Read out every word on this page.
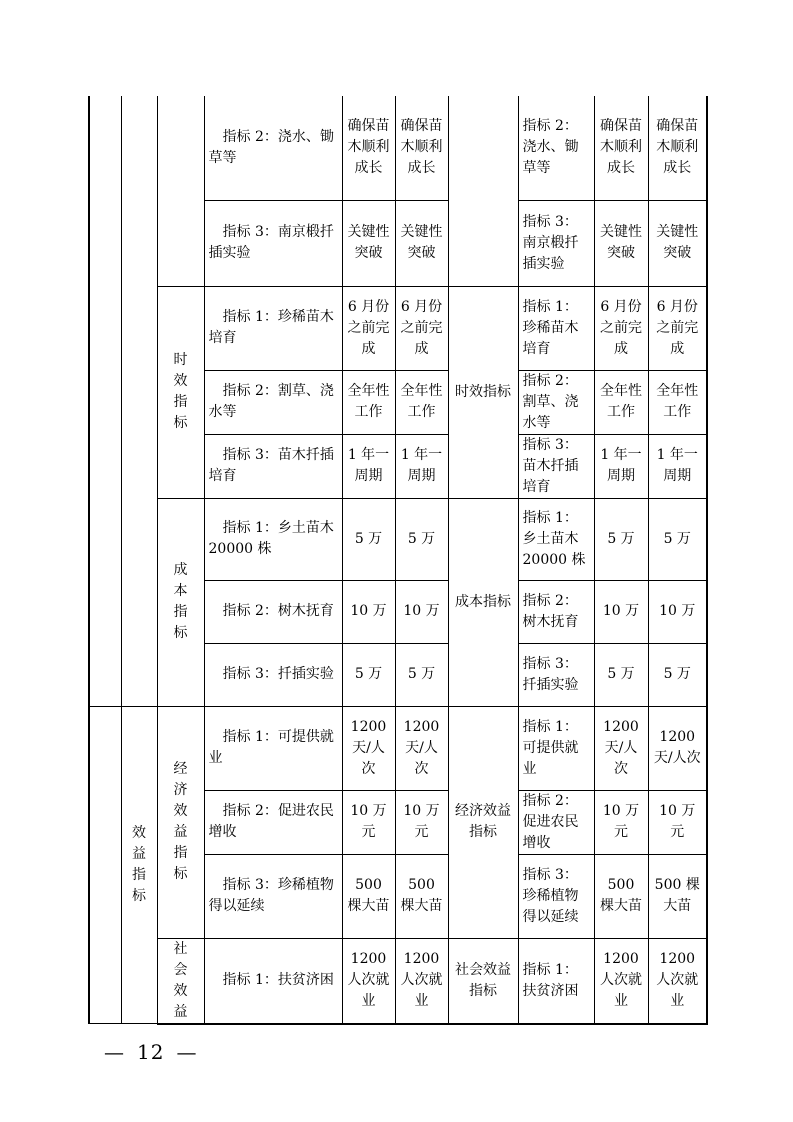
			指标 2：浇水、锄草等	确保苗木顺利成长	确保苗木顺利成长		指标 2：浇水、锄草等	确保苗木顺利成长	确保苗木顺利成长
			指标 3：南京椴扦插实验	关键性突破	关键性突破		指标 3：南京椴扦插实验	关键性突破	关键性突破

		时效指标	指标 1：珍稀苗木培育	6 月份之前完成	6 月份之前完成	时效指标	指标 1：珍稀苗木培育	6 月份之前完成	6 月份之前完成
			指标 2：割草、浇水等	全年性工作	全年性工作		指标 2：割草、浇水等	全年性工作	全年性工作
			指标 3：苗木扦插培育	1 年一周期	1 年一周期		指标 3：苗木扦插培育	1 年一周期	1 年一周期

		成本指标	指标 1：乡土苗木 20000 株	5 万	5 万	成本指标	指标 1：乡土苗木 20000 株	5 万	5 万
			指标 2：树木抚育	10 万	10 万		指标 2：树木抚育	10 万	10 万
			指标 3：扦插实验	5 万	5 万		指标 3：扦插实验	5 万	5 万

	效益指标	经济效益指标	指标 1：可提供就业	1200 天/人次	1200 天/人次	经济效益指标	指标 1：可提供就业	1200 天/人次	1200 天/人次
			指标 2：促进农民增收	10 万元	10 万元		指标 2：促进农民增收	10 万元	10 万元
			指标 3：珍稀植物得以延续	500 棵大苗	500 棵大苗		指标 3：珍稀植物得以延续	500 棵大苗	500 棵大苗

		社会效益	指标 1：扶贫济困	1200 人次就业	1200 人次就业	社会效益指标	指标 1：扶贫济困	1200 人次就业	1200 人次就业
— 12 —
